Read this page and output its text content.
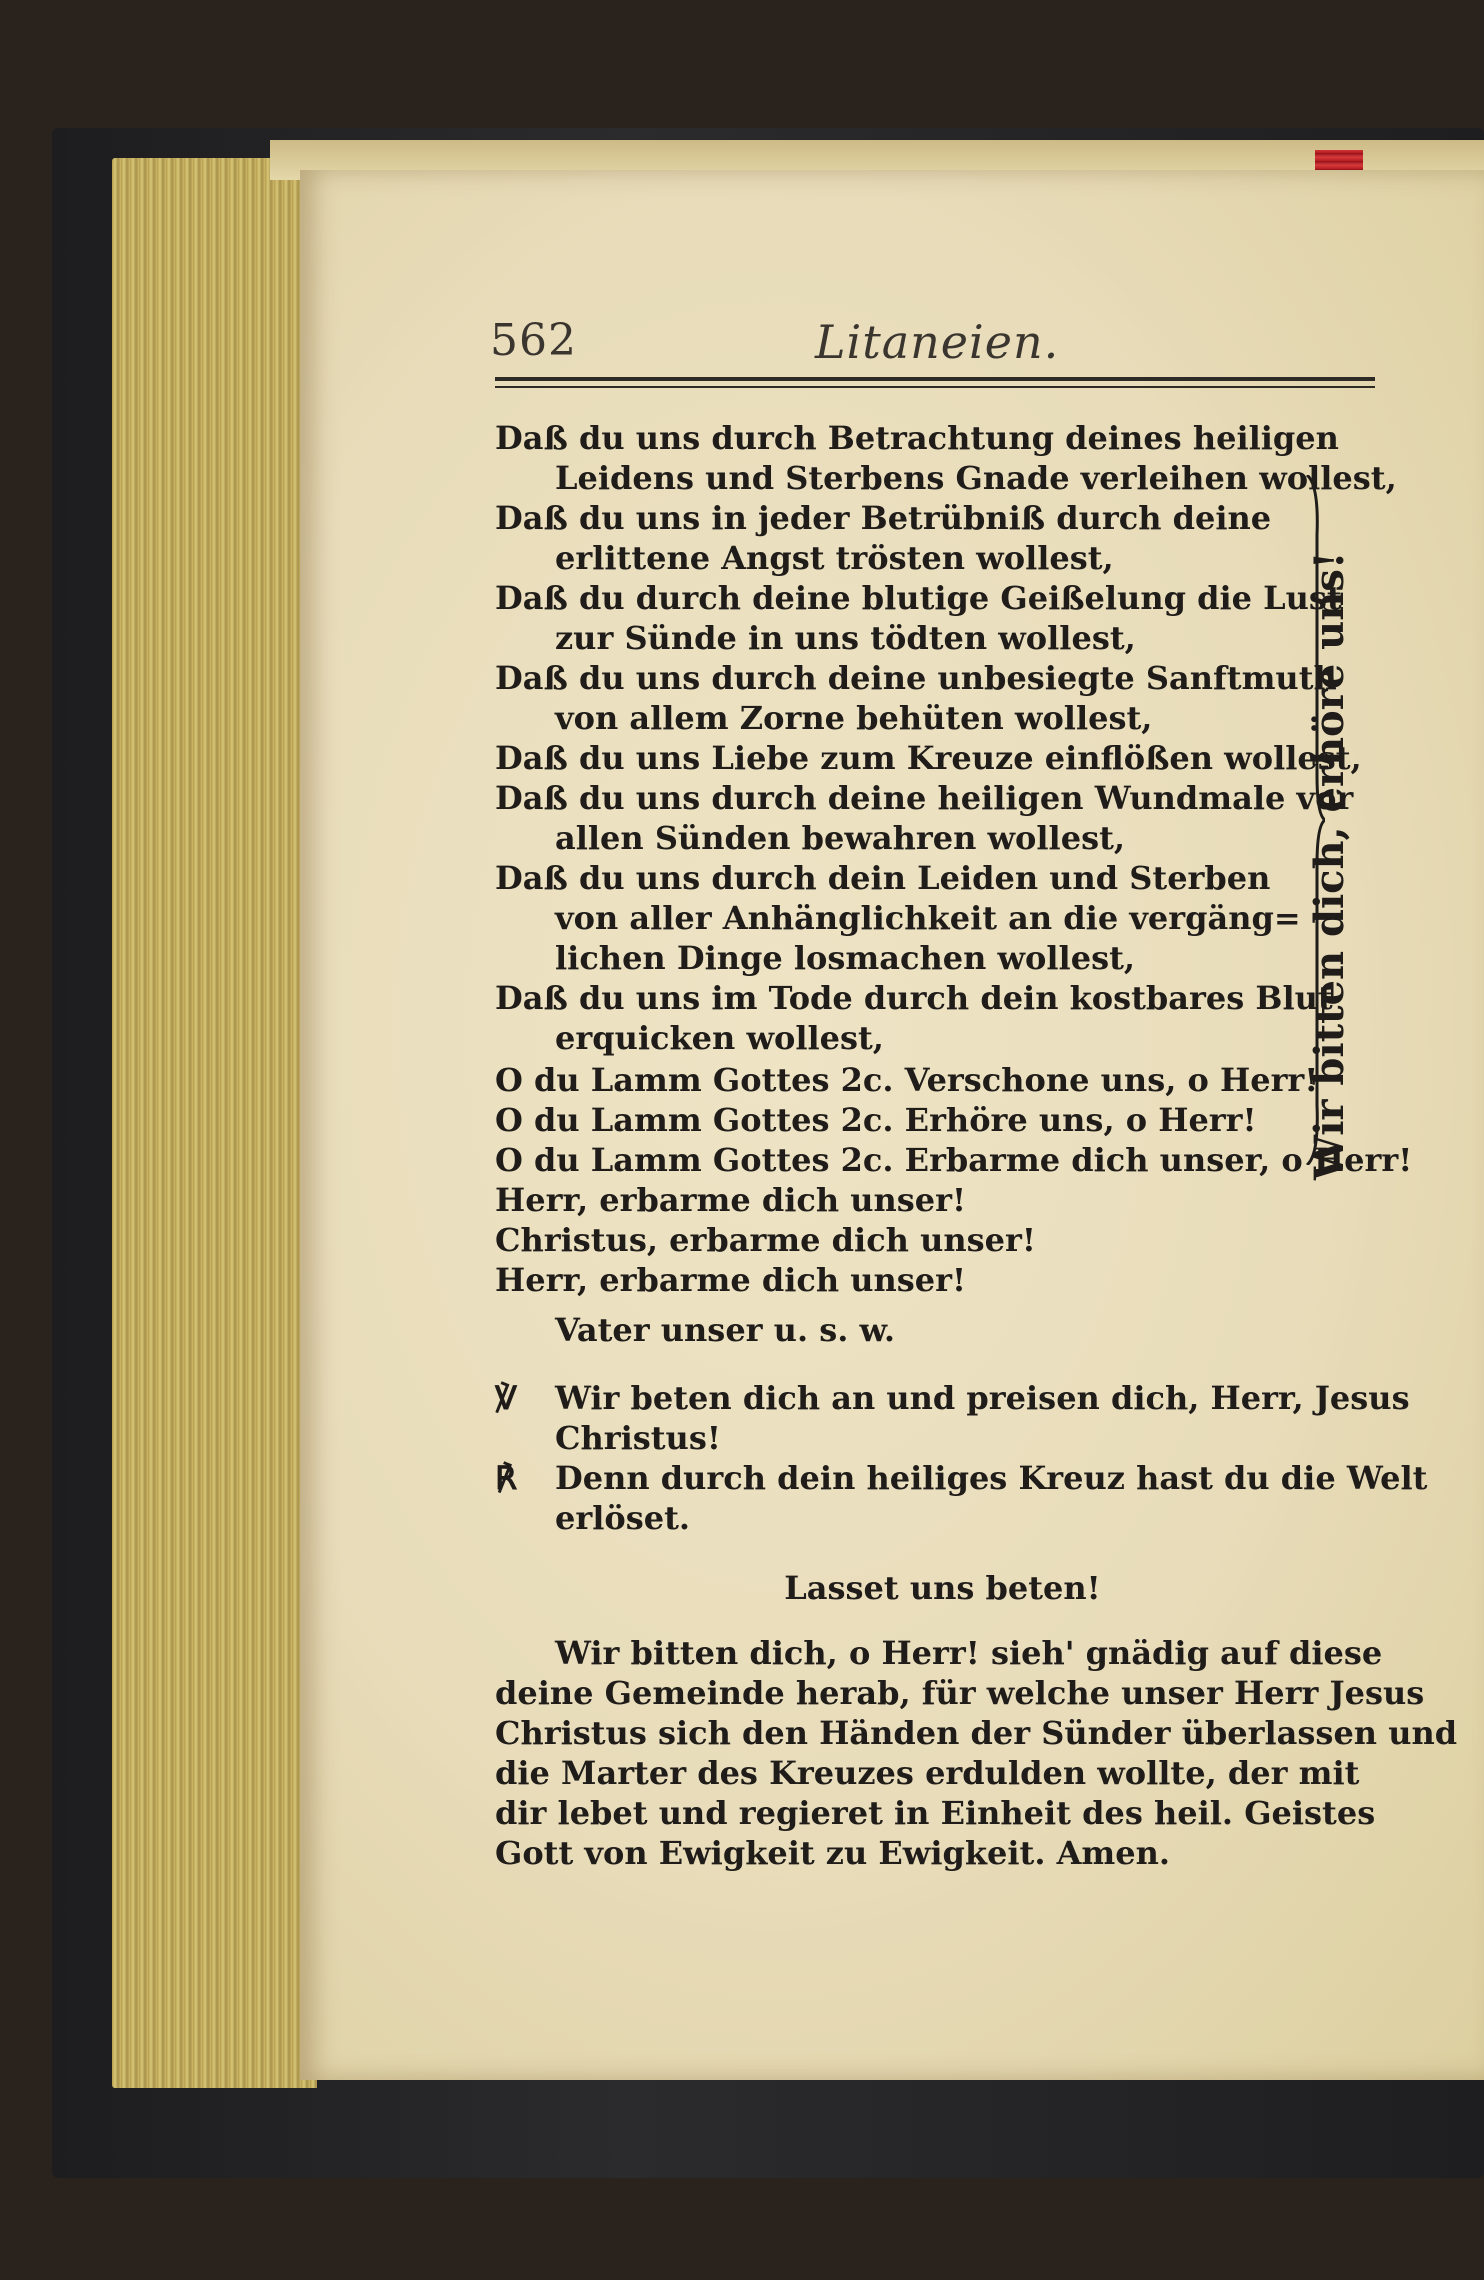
562	Litaneien.
Daß du uns durch Betrachtung deines heiligen
Leidens und Sterbens Gnade verleihen wollest,
Daß du uns in jeder Betrübniß durch deine
erlittene Angst trösten wollest,
Daß du durch deine blutige Geißelung die Lust
zur Sünde in uns tödten wollest,
Daß du uns durch deine unbesiegte Sanftmuth
von allem Zorne behüten wollest,
Daß du uns Liebe zum Kreuze einflößen wollest,
Daß du uns durch deine heiligen Wundmale vor
allen Sünden bewahren wollest,
Daß du uns durch dein Leiden und Sterben
von aller Anhänglichkeit an die vergäng=
lichen Dinge losmachen wollest,
Daß du uns im Tode durch dein kostbares Blut
erquicken wollest,
O du Lamm Gottes 2c. Verschone uns, o Herr!
O du Lamm Gottes 2c. Erhöre uns, o Herr!
O du Lamm Gottes 2c. Erbarme dich unser, o Herr!
Herr, erbarme dich unser!
Christus, erbarme dich unser!
Herr, erbarme dich unser!
Vater unser u. s. w.
℣ Wir beten dich an und preisen dich, Herr, Jesus
Christus!
℟ Denn durch dein heiliges Kreuz hast du die Welt
erlöset.
Lasset uns beten!
Wir bitten dich, o Herr! sieh' gnädig auf diese
deine Gemeinde herab, für welche unser Herr Jesus
Christus sich den Händen der Sünder überlassen und
die Marter des Kreuzes erdulden wollte, der mit
dir lebet und regieret in Einheit des heil. Geistes
Gott von Ewigkeit zu Ewigkeit. Amen.
Wir bitten dich, erhöre uns!
